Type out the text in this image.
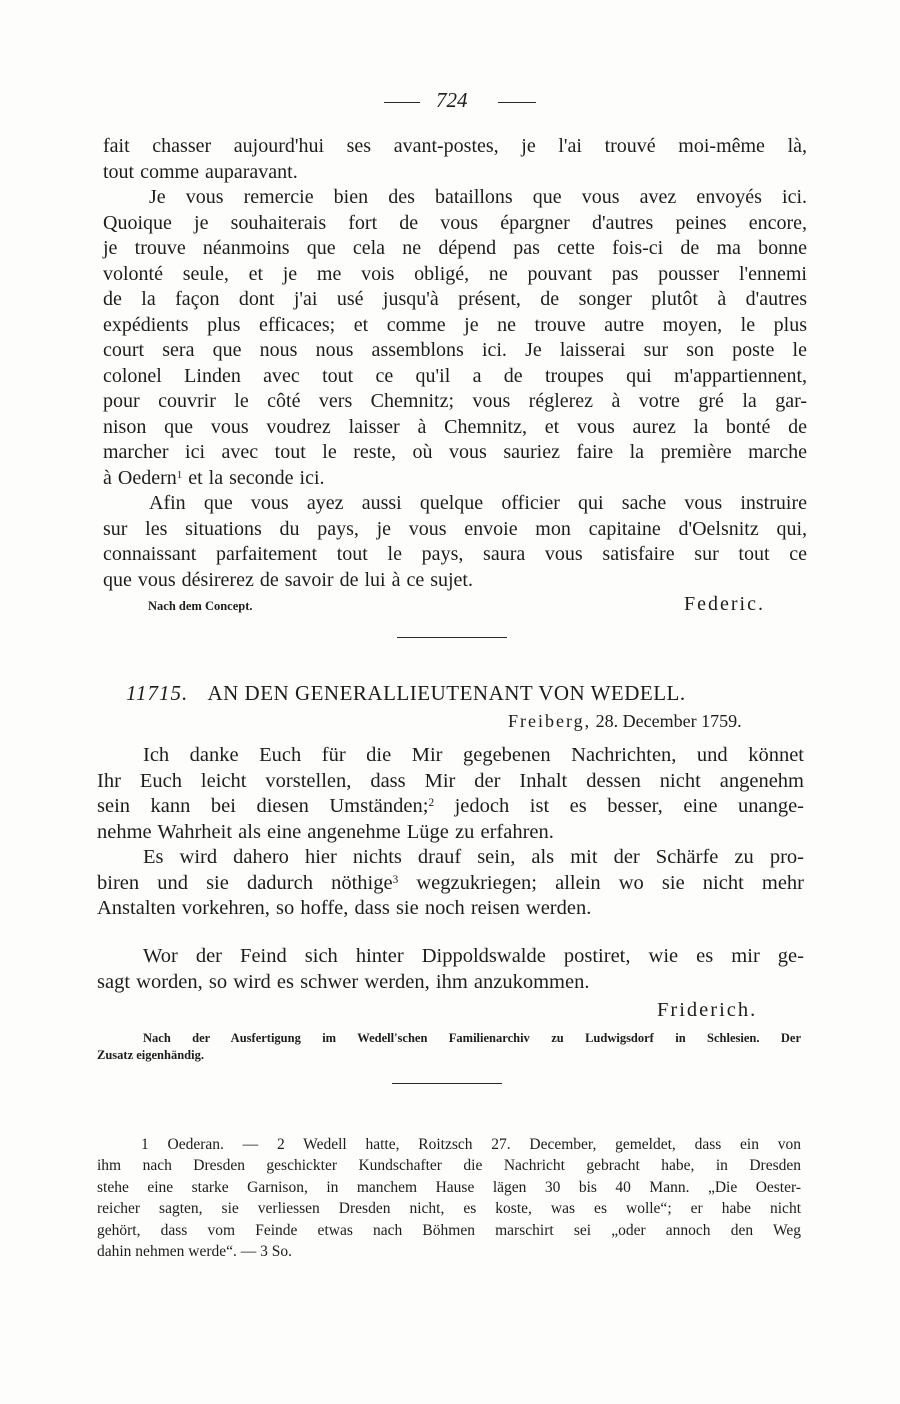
724
fait chasser aujourd'hui ses avant-postes, je l'ai trouvé moi-même là,
tout comme auparavant.
Je vous remercie bien des bataillons que vous avez envoyés ici.
Quoique je souhaiterais fort de vous épargner d'autres peines encore,
je trouve néanmoins que cela ne dépend pas cette fois-ci de ma bonne
volonté seule, et je me vois obligé, ne pouvant pas pousser l'ennemi
de la façon dont j'ai usé jusqu'à présent, de songer plutôt à d'autres
expédients plus efficaces; et comme je ne trouve autre moyen, le plus
court sera que nous nous assemblons ici. Je laisserai sur son poste le
colonel Linden avec tout ce qu'il a de troupes qui m'appartiennent,
pour couvrir le côté vers Chemnitz; vous réglerez à votre gré la gar-
nison que vous voudrez laisser à Chemnitz, et vous aurez la bonté de
marcher ici avec tout le reste, où vous sauriez faire la première marche
à Oedern$^1$ et la seconde ici.
Afin que vous ayez aussi quelque officier qui sache vous instruire
sur les situations du pays, je vous envoie mon capitaine d'Oelsnitz qui,
connaissant parfaitement tout le pays, saura vous satisfaire sur tout ce
que vous désirerez de savoir de lui à ce sujet.
Nach dem Concept.	Federic.
11715. AN DEN GENERALLIEUTENANT VON WEDELL.
Freiberg, 28. December 1759.
Ich danke Euch für die Mir gegebenen Nachrichten, und könnet
Ihr Euch leicht vorstellen, dass Mir der Inhalt dessen nicht angenehm
sein kann bei diesen Umständen;$^2$ jedoch ist es besser, eine unange-
nehme Wahrheit als eine angenehme Lüge zu erfahren.
Es wird dahero hier nichts drauf sein, als mit der Schärfe zu pro-
biren und sie dadurch nöthige$^3$ wegzukriegen; allein wo sie nicht mehr
Anstalten vorkehren, so hoffe, dass sie noch reisen werden.
Wor der Feind sich hinter Dippoldswalde postiret, wie es mir ge-
sagt worden, so wird es schwer werden, ihm anzukommen.
Friderich.
Nach der Ausfertigung im Wedell'schen Familienarchiv zu Ludwigsdorf in Schlesien. Der
Zusatz eigenhändig.
1 Oederan. — 2 Wedell hatte, Roitzsch 27. December, gemeldet, dass ein von
ihm nach Dresden geschickter Kundschafter die Nachricht gebracht habe, in Dresden
stehe eine starke Garnison, in manchem Hause lägen 30 bis 40 Mann. „Die Oester-
reicher sagten, sie verliessen Dresden nicht, es koste, was es wolle“; er habe nicht
gehört, dass vom Feinde etwas nach Böhmen marschirt sei „oder annoch den Weg
dahin nehmen werde“. — 3 So.
